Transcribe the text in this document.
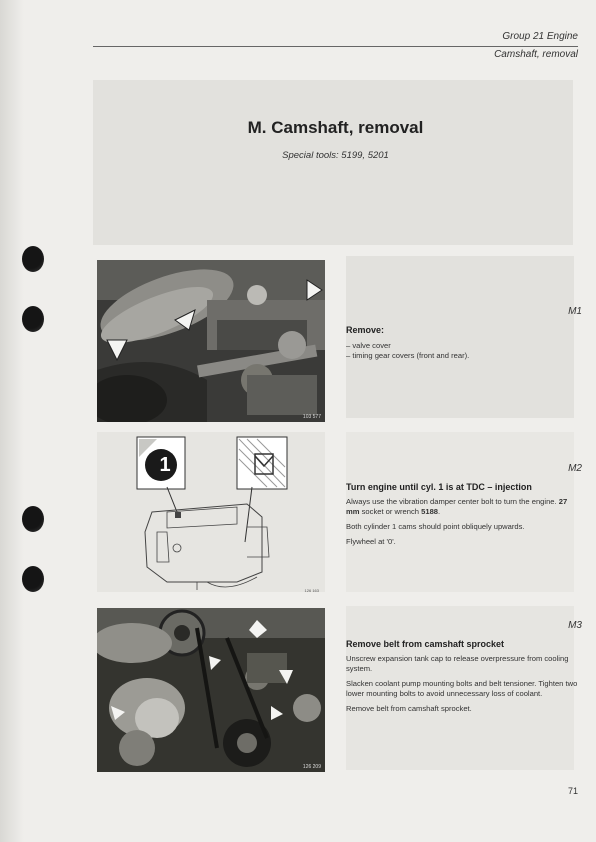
Group 21 Engine
Camshaft, removal
M. Camshaft, removal
Special tools: 5199, 5201
103 577
M1
Remove:
– valve cover
– timing gear covers (front and rear).
1
126 163
M2
Turn engine until cyl. 1 is at TDC – injection
Always use the vibration damper center bolt to turn the engine. 27 mm socket or wrench 5188.
Both cylinder 1 cams should point obliquely upwards.
Flywheel at '0'.
126 209
M3
Remove belt from camshaft sprocket
Unscrew expansion tank cap to release overpressure from cooling system.
Slacken coolant pump mounting bolts and belt tensioner. Tighten two lower mounting bolts to avoid unnecessary loss of coolant.
Remove belt from camshaft sprocket.
71
